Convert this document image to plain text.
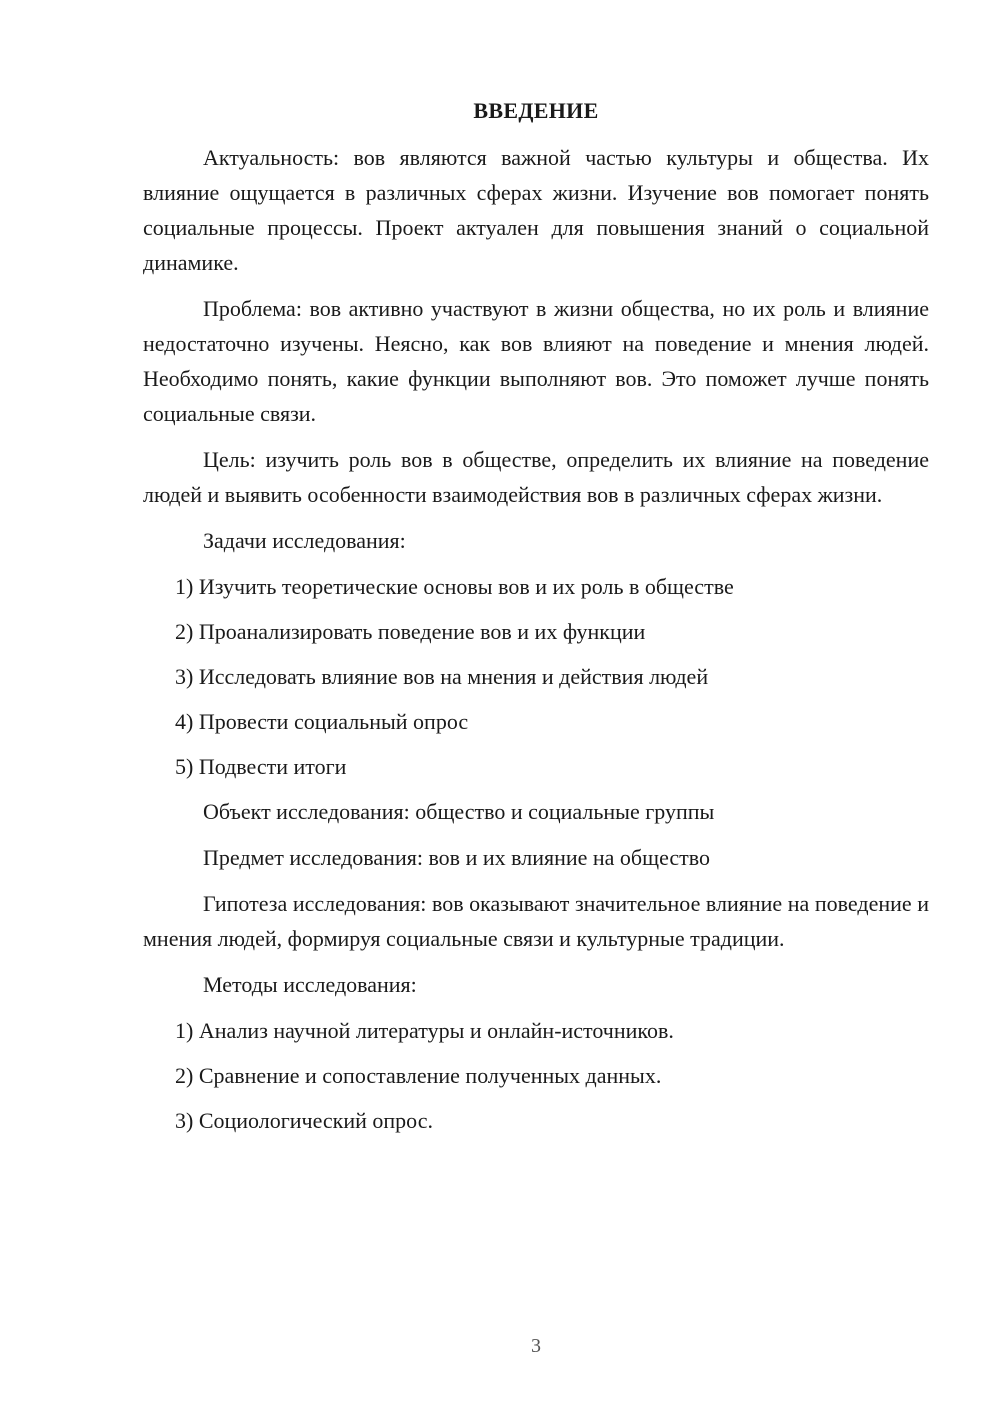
ВВЕДЕНИЕ

Актуальность: вов являются важной частью культуры и общества. Их влияние ощущается в различных сферах жизни. Изучение вов помогает понять социальные процессы. Проект актуален для повышения знаний о социальной динамике.

Проблема: вов активно участвуют в жизни общества, но их роль и влияние недостаточно изучены. Неясно, как вов влияют на поведение и мнения людей. Необходимо понять, какие функции выполняют вов. Это поможет лучше понять социальные связи.

Цель: изучить роль вов в обществе, определить их влияние на поведение людей и выявить особенности взаимодействия вов в различных сферах жизни.

Задачи исследования:

1) Изучить теоретические основы вов и их роль в обществе
2) Проанализировать поведение вов и их функции
3) Исследовать влияние вов на мнения и действия людей
4) Провести социальный опрос
5) Подвести итоги

Объект исследования: общество и социальные группы

Предмет исследования: вов и их влияние на общество

Гипотеза исследования: вов оказывают значительное влияние на поведение и мнения людей, формируя социальные связи и культурные традиции.

Методы исследования:

1) Анализ научной литературы и онлайн-источников.
2) Сравнение и сопоставление полученных данных.
3) Социологический опрос.
3
